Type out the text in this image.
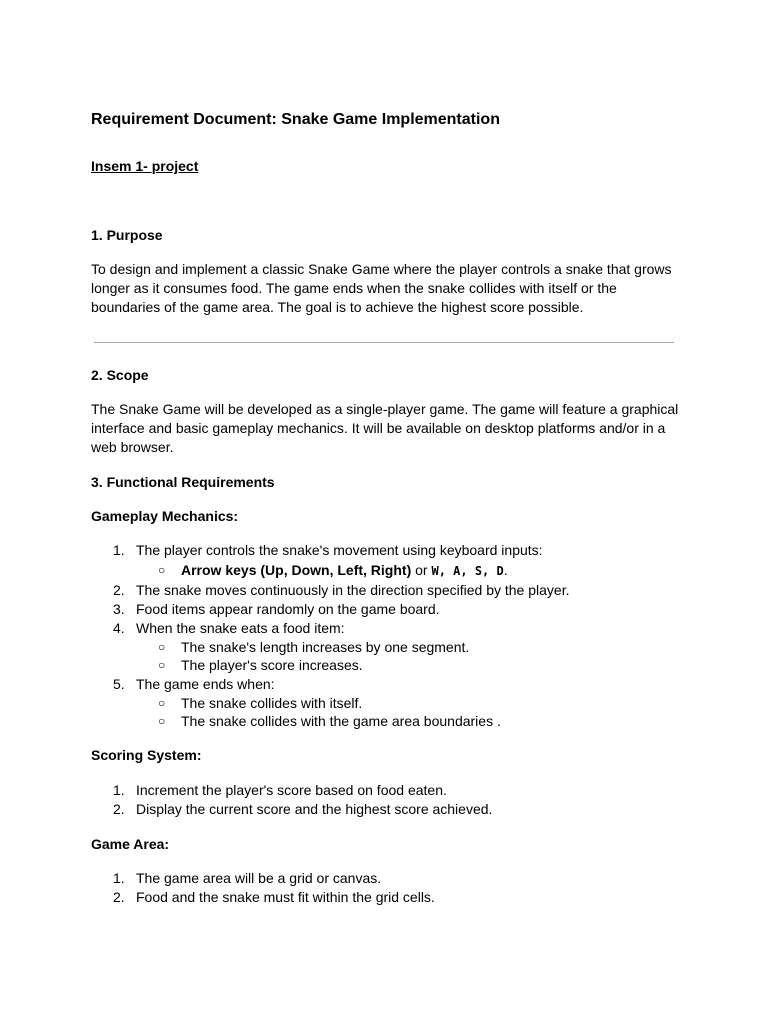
Requirement Document: Snake Game Implementation
Insem 1- project
1. Purpose
To design and implement a classic Snake Game where the player controls a snake that grows
longer as it consumes food. The game ends when the snake collides with itself or the
boundaries of the game area. The goal is to achieve the highest score possible.
2. Scope
The Snake Game will be developed as a single-player game. The game will feature a graphical
interface and basic gameplay mechanics. It will be available on desktop platforms and/or in a
web browser.
3. Functional Requirements
Gameplay Mechanics:
1. The player controls the snake's movement using keyboard inputs:
○ Arrow keys (Up, Down, Left, Right) or W, A, S, D.
2. The snake moves continuously in the direction specified by the player.
3. Food items appear randomly on the game board.
4. When the snake eats a food item:
○ The snake's length increases by one segment.
○ The player's score increases.
5. The game ends when:
○ The snake collides with itself.
○ The snake collides with the game area boundaries .
Scoring System:
1. Increment the player's score based on food eaten.
2. Display the current score and the highest score achieved.
Game Area:
1. The game area will be a grid or canvas.
2. Food and the snake must fit within the grid cells.
